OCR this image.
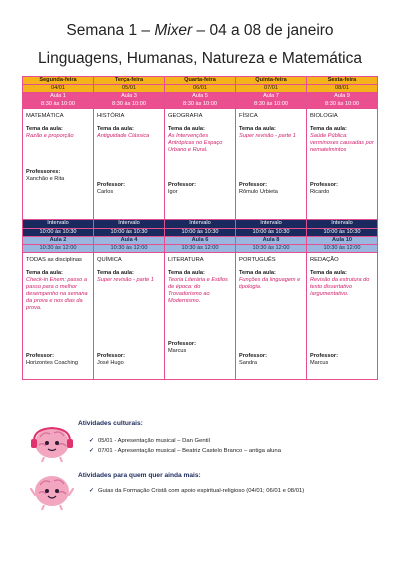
Semana 1 – Mixer – 04 a 08 de janeiro
Linguagens, Humanas, Natureza e Matemática
Segunda-feira	Terça-feira	Quarta-feira	Quinta-feira	Sexta-feira
04/01	05/01	06/01	07/01	08/01
Aula 1	Aula 3	Aula 5	Aula 7	Aula 9
8:30 às 10:00	8:30 às 10:00	8:30 às 10:00	8:30 às 10:00	8:30 às 10:00

MATEMÁTICA
Tema da aula:
Razão e proporção
Professores:
Xanchão e Rita	HISTÓRIA
Tema da aula:
Antiguidade Clássica
Professor:
Carlos	GEOGRAFIA
Tema da aula:
As Intervenções Antrópicas no Espaço Urbano e Rural.
Professor:
Igor	FÍSICA
Tema da aula:
Super revisão - parte 1
Professor:
Rômulo Urbieta	BIOLOGIA
Tema da aula:
Saúde Pública: verminoses causadas por nematelmintos
Professor:
Ricardo

Intervalo	Intervalo	Intervalo	Intervalo	Intervalo
10:00 às 10:30	10:00 às 10:30	10:00 às 10:30	10:00 às 10:30	10:00 às 10:30
Aula 2	Aula 4	Aula 6	Aula 8	Aula 10
10:30 às 12:00	10:30 às 12:00	10:30 às 12:00	10:30 às 12:00	10:30 às 12:00

TODAS as disciplinas
Tema da aula:
Check-in Enem: passo a passo para o melhor desempenho na semana da prova e nos dias da prova.
Professor:
Horizontes Coaching	QUÍMICA
Tema da aula:
Super revisão - parte 1
Professor:
José Hugo	LITERATURA
Tema da aula:
Teoria Literária e Estilos de época: do Trovadorismo ao Modernismo.
Professor:
Marcus	PORTUGUÊS
Tema da aula:
Funções da linguagem e tipologia.
Professor:
Sandra	REDAÇÃO
Tema da aula:
Revisão da estrutura do texto dissertativo /argumentativo.
Professor:
Marcus
Atividades culturais:
✓ 05/01 - Apresentação musical – Dan Gentil
✓ 07/01 - Apresentação musical – Beatriz Castelo Branco – antiga aluna
Atividades para quem quer ainda mais:
✓ Guias da Formação Cristã com apoio espiritual-religioso (04/01; 06/01 e 08/01)
